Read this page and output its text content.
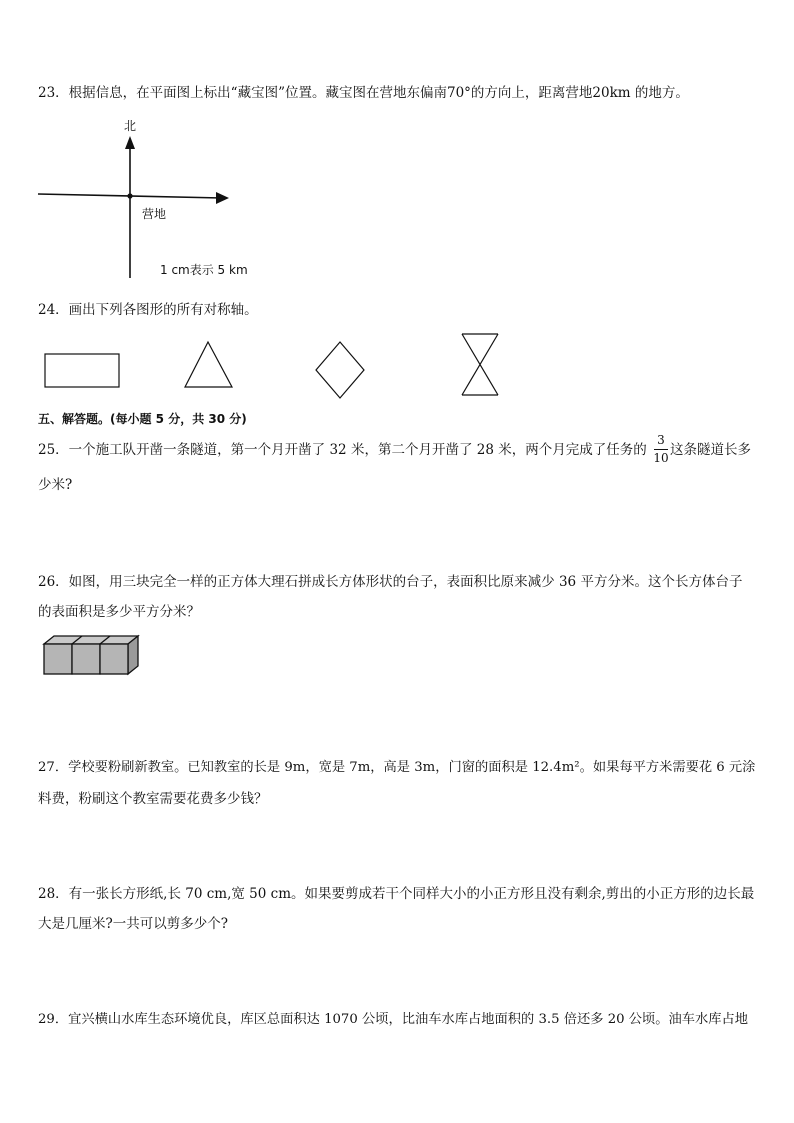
23．根据信息，在平面图上标出“藏宝图”位置。藏宝图在营地东偏南70°的方向上，距离营地20km 的地方。
北
营地
1 cm表示 5 km
24．画出下列各图形的所有对称轴。
五、解答题。(每小题 5 分，共 30 分)
25．一个施工队开凿一条隧道，第一个月开凿了 32 米，第二个月开凿了 28 米，两个月完成了任务的
3
10 这条隧道长多
少米?
26．如图，用三块完全一样的正方体大理石拼成长方体形状的台子，表面积比原来减少 36 平方分米。这个长方体台子
的表面积是多少平方分米？
27．学校要粉刷新教室。已知教室的长是 9m，宽是 7m，高是 3m，门窗的面积是 12.4m²。如果每平方米需要花 6 元涂
料费，粉刷这个教室需要花费多少钱？
28．有一张长方形纸,长 70 cm,宽 50 cm。如果要剪成若干个同样大小的小正方形且没有剩余,剪出的小正方形的边长最
大是几厘米?一共可以剪多少个?
29．宜兴横山水库生态环境优良，库区总面积达 1070 公顷，比油车水库占地面积的 3.5 倍还多 20 公顷。油车水库占地
